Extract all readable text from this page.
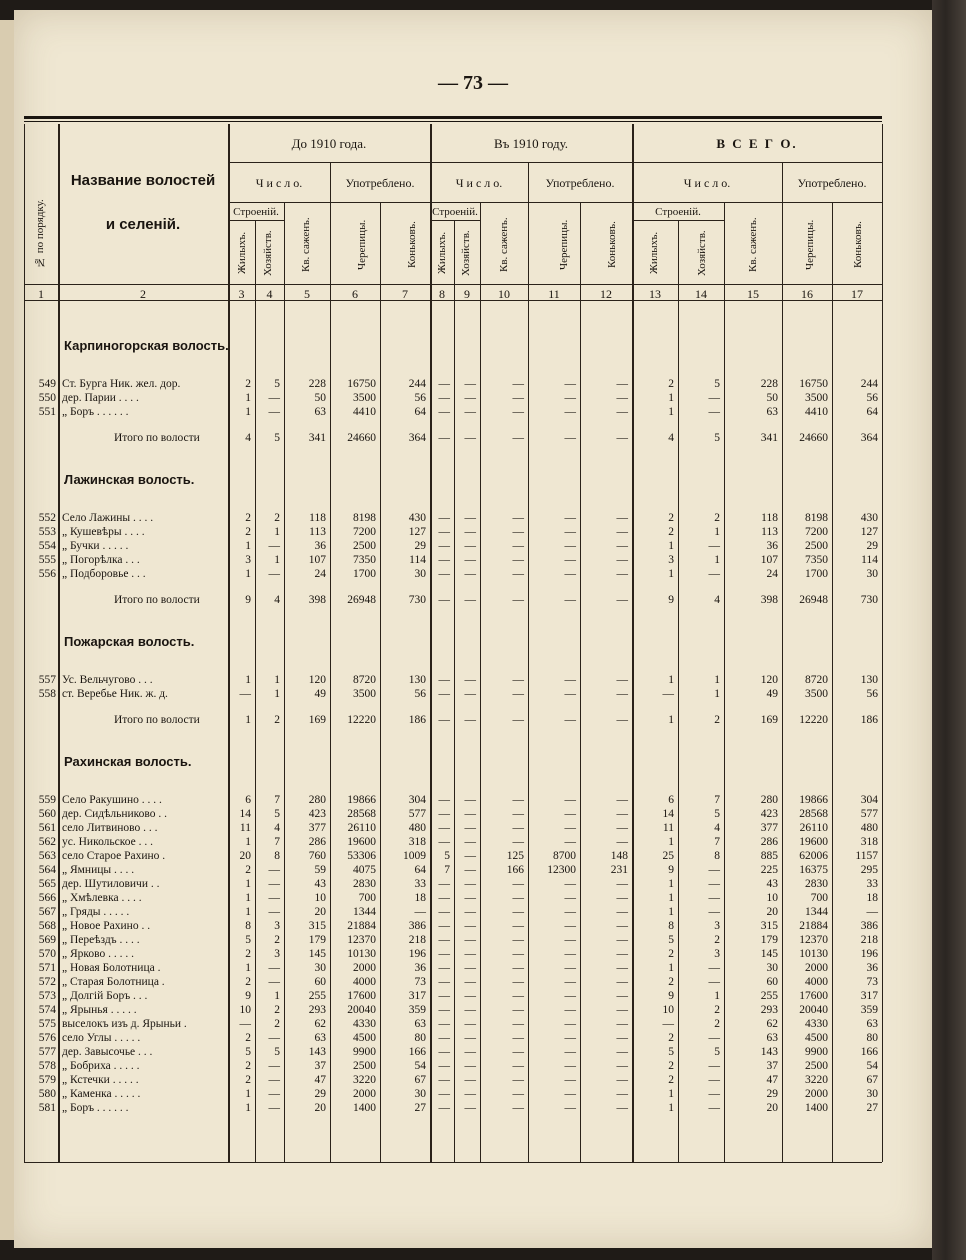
— 73 —
№ по порядку.
Название волостей
и селеній.
До 1910 года.	Въ 1910 году.	В С Е Г О.
Ч и с л о.	Употреблено.	Ч и с л о.	Употреблено.	Ч и с л о.	Употреблено.
Строеній.	Строеній.	Строеній.
Жилыхъ.	Хозяйств.	Кв. саженъ.	Черепицы.	Коньковъ.	Жилыхъ.	Хозяйств.	Кв. саженъ.	Черепицы.	Коньковъ.	Жилыхъ.	Хозяйств.	Кв. саженъ.	Черепицы.	Коньковъ.
1	2	3	4	5	6	7	8	9	10	11	12	13	14	15	16	17
Карпиногорская волость.
549 Ст. Бурга Ник. жел. дор.	2	5	228	16750	244	—	—	—	—	—	2	5	228	16750	244
550 дер. Парии . . . .	1	—	50	3500	56	—	—	—	—	—	1	—	50	3500	56
551 „ Боръ . . . . . .	1	—	63	4410	64	—	—	—	—	—	1	—	63	4410	64
Итого по волости	4	5	341	24660	364	—	—	—	—	—	4	5	341	24660	364
Лажинская волость.
552 Село Лажины . . . .	2	2	118	8198	430	—	—	—	—	—	2	2	118	8198	430
553 „ Кушевѣры . . . .	2	1	113	7200	127	—	—	—	—	—	2	1	113	7200	127
554 „ Бучки . . . . .	1	—	36	2500	29	—	—	—	—	—	1	—	36	2500	29
555 „ Погорѣлка . . .	3	1	107	7350	114	—	—	—	—	—	3	1	107	7350	114
556 „ Подборовье . . .	1	—	24	1700	30	—	—	—	—	—	1	—	24	1700	30
Итого по волости	9	4	398	26948	730	—	—	—	—	—	9	4	398	26948	730
Пожарская волость.
557 Ус. Вельчугово . . .	1	1	120	8720	130	—	—	—	—	—	1	1	120	8720	130
558 ст. Веребье Ник. ж. д.	—	1	49	3500	56	—	—	—	—	—	—	1	49	3500	56
Итого по волости	1	2	169	12220	186	—	—	—	—	—	1	2	169	12220	186
Рахинская волость.
559 Село Ракушино . . . .	6	7	280	19866	304	—	—	—	—	—	6	7	280	19866	304
560 дер. Сидѣльниково . .	14	5	423	28568	577	—	—	—	—	—	14	5	423	28568	577
561 село Литвиново . . .	11	4	377	26110	480	—	—	—	—	—	11	4	377	26110	480
562 ус. Никольское . . .	1	7	286	19600	318	—	—	—	—	—	1	7	286	19600	318
563 село Старое Рахино .	20	8	760	53306	1009	5	—	125	8700	148	25	8	885	62006	1157
564 „ Ямницы . . . .	2	—	59	4075	64	7	—	166	12300	231	9	—	225	16375	295
565 дер. Шутиловичи . .	1	—	43	2830	33	—	—	—	—	—	1	—	43	2830	33
566 „ Хмѣлевка . . . .	1	—	10	700	18	—	—	—	—	—	1	—	10	700	18
567 „ Гряды . . . . .	1	—	20	1344	—	—	—	—	—	—	1	—	20	1344	—
568 „ Новое Рахино . .	8	3	315	21884	386	—	—	—	—	—	8	3	315	21884	386
569 „ Переѣздъ . . . .	5	2	179	12370	218	—	—	—	—	—	5	2	179	12370	218
570 „ Ярково . . . . .	2	3	145	10130	196	—	—	—	—	—	2	3	145	10130	196
571 „ Новая Болотница .	1	—	30	2000	36	—	—	—	—	—	1	—	30	2000	36
572 „ Старая Болотница .	2	—	60	4000	73	—	—	—	—	—	2	—	60	4000	73
573 „ Долгiй Боръ . . .	9	1	255	17600	317	—	—	—	—	—	9	1	255	17600	317
574 „ Ярынья . . . . .	10	2	293	20040	359	—	—	—	—	—	10	2	293	20040	359
575 выселокъ изъ д. Ярыньи .	—	2	62	4330	63	—	—	—	—	—	—	2	62	4330	63
576 село Углы . . . . .	2	—	63	4500	80	—	—	—	—	—	2	—	63	4500	80
577 дер. Завысочье . . .	5	5	143	9900	166	—	—	—	—	—	5	5	143	9900	166
578 „ Бобриха . . . . .	2	—	37	2500	54	—	—	—	—	—	2	—	37	2500	54
579 „ Кстечки . . . . .	2	—	47	3220	67	—	—	—	—	—	2	—	47	3220	67
580 „ Каменка . . . . .	1	—	29	2000	30	—	—	—	—	—	1	—	29	2000	30
581 „ Боръ . . . . . .	1	—	20	1400	27	—	—	—	—	—	1	—	20	1400	27
